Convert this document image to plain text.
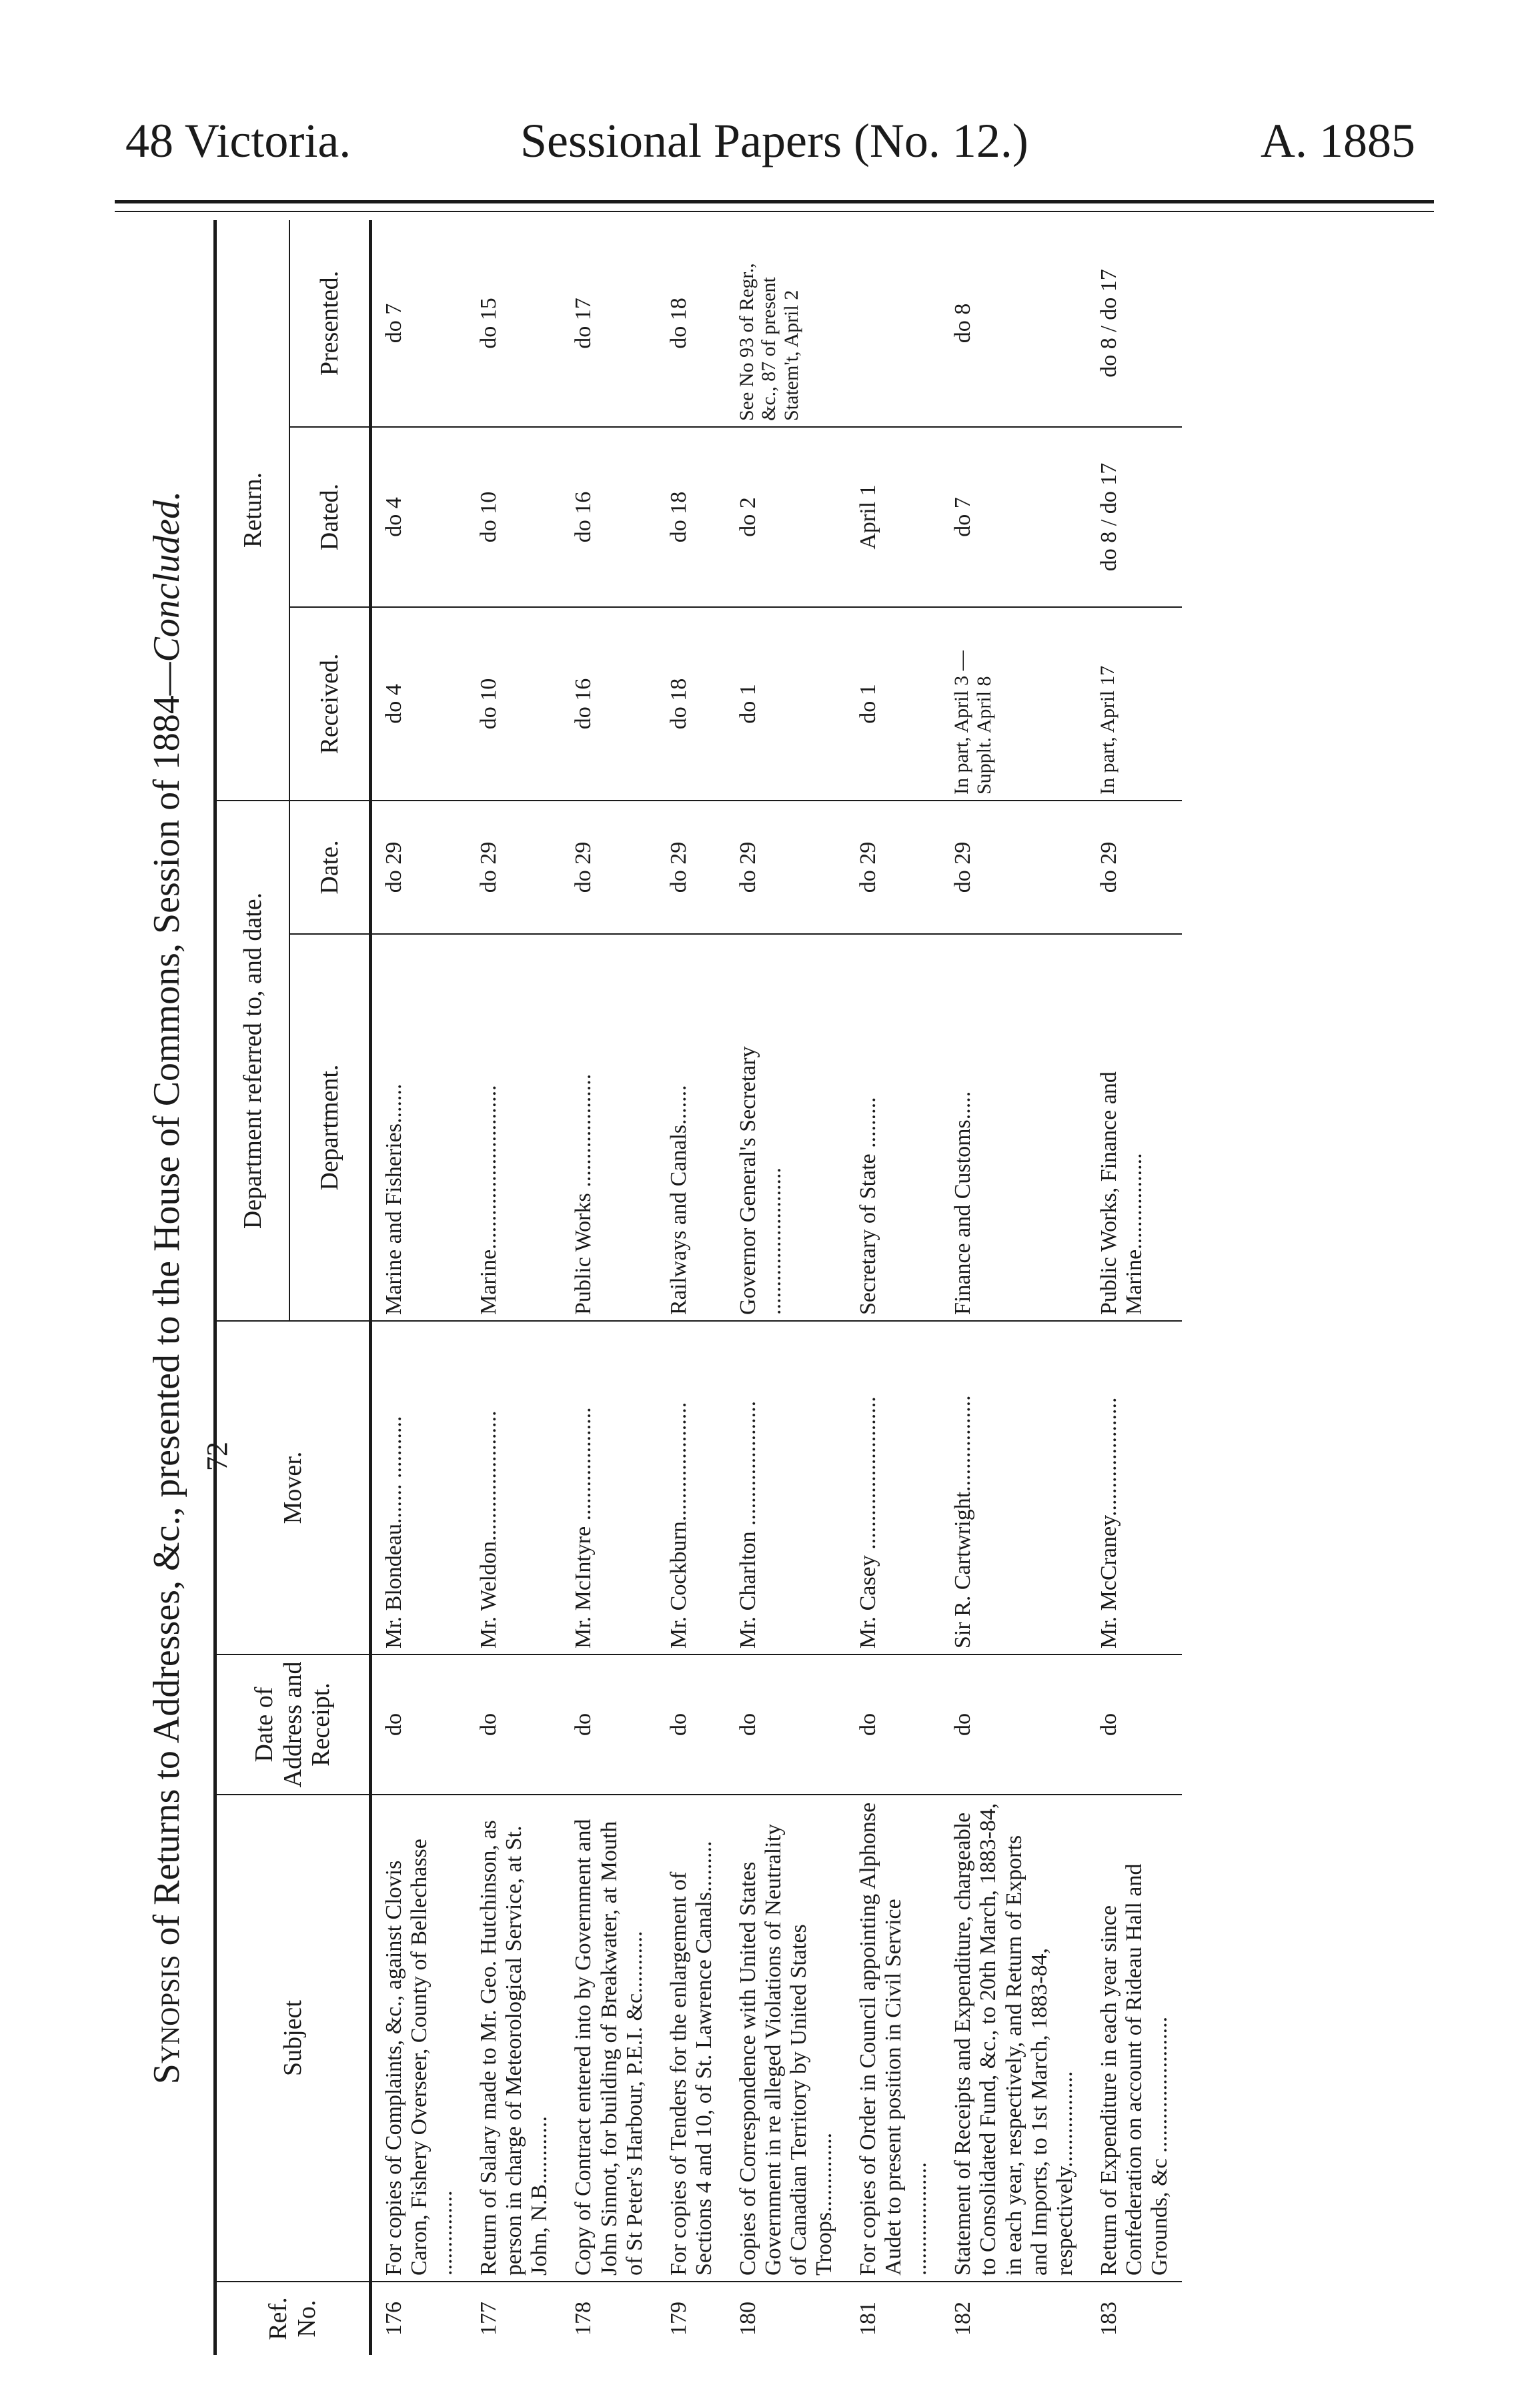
48 Victoria.	Sessional Papers (No. 12.)	A. 1885
Synopsis of Returns to Addresses, &c., presented to the House of Commons, Session of 1884—Concluded.
Ref. No.	Subject	Date of Address and Receipt.	Mover.	Department referred to, and date.		Return.		
				Department.	Date.	Received.	Dated.	Presented.
176	For copies of Complaints, &c., against Clovis Caron, Fishery Overseer, County of Bellechasse ...............	do	Mr. Blondeau....... ...........	Marine and Fisheries.......	do 29	do 4	do 4	do 7
177	Return of Salary made to Mr. Geo. Hutchinson, as person in charge of Meteorological Service, at St. John, N.B............	do	Mr. Weldon.......................	Marine.............................	do 29	do 10	do 10	do 15
178	Copy of Contract entered into by Government and John Sinnot, for building of Breakwater, at Mouth of St Peter's Harbour, P.E.I. &c...........	do	Mr. McIntyre ....................	Public Works ....................	do 29	do 16	do 16	do 17
179	For copies of Tenders for the enlargement of Sections 4 and 10, of St. Lawrence Canals.........	do	Mr. Cockburn.....................	Railways and Canals.......	do 29	do 18	do 18	do 18
180	Copies of Correspondence with United States Government in re alleged Violations of Neutrality of Canadian Territory by United States Troops..............	do	Mr. Charlton ......................	Governor General's Secretary ..........................	do 29	do 1	do 2	See No 93 of Regr., &c., 87 of present Statem't, April 2
181	For copies of Order in Council appointing Alphonse Audet to present position in Civil Service ....................	do	Mr. Casey ...........................	Secretary of State .........	do 29	do 1	April 1	
182	Statement of Receipts and Expenditure, chargeable to Consolidated Fund, &c., to 20th March, 1883-84, in each year, respectively, and Return of Exports and Imports, to 1st March, 1883-84, respectively.................	do	Sir R. Cartwright.................	Finance and Customs.....	do 29	In part, April 3 — Supplt. April 8	do 7	do 8
183	Return of Expenditure in each year since Confederation on account of Rideau Hall and Grounds, &c ........................	do	Mr. McCraney.....................	Public Works, Finance and Marine.................	do 29	In part, April 17	do 8 / do 17	do 8 / do 17
72
